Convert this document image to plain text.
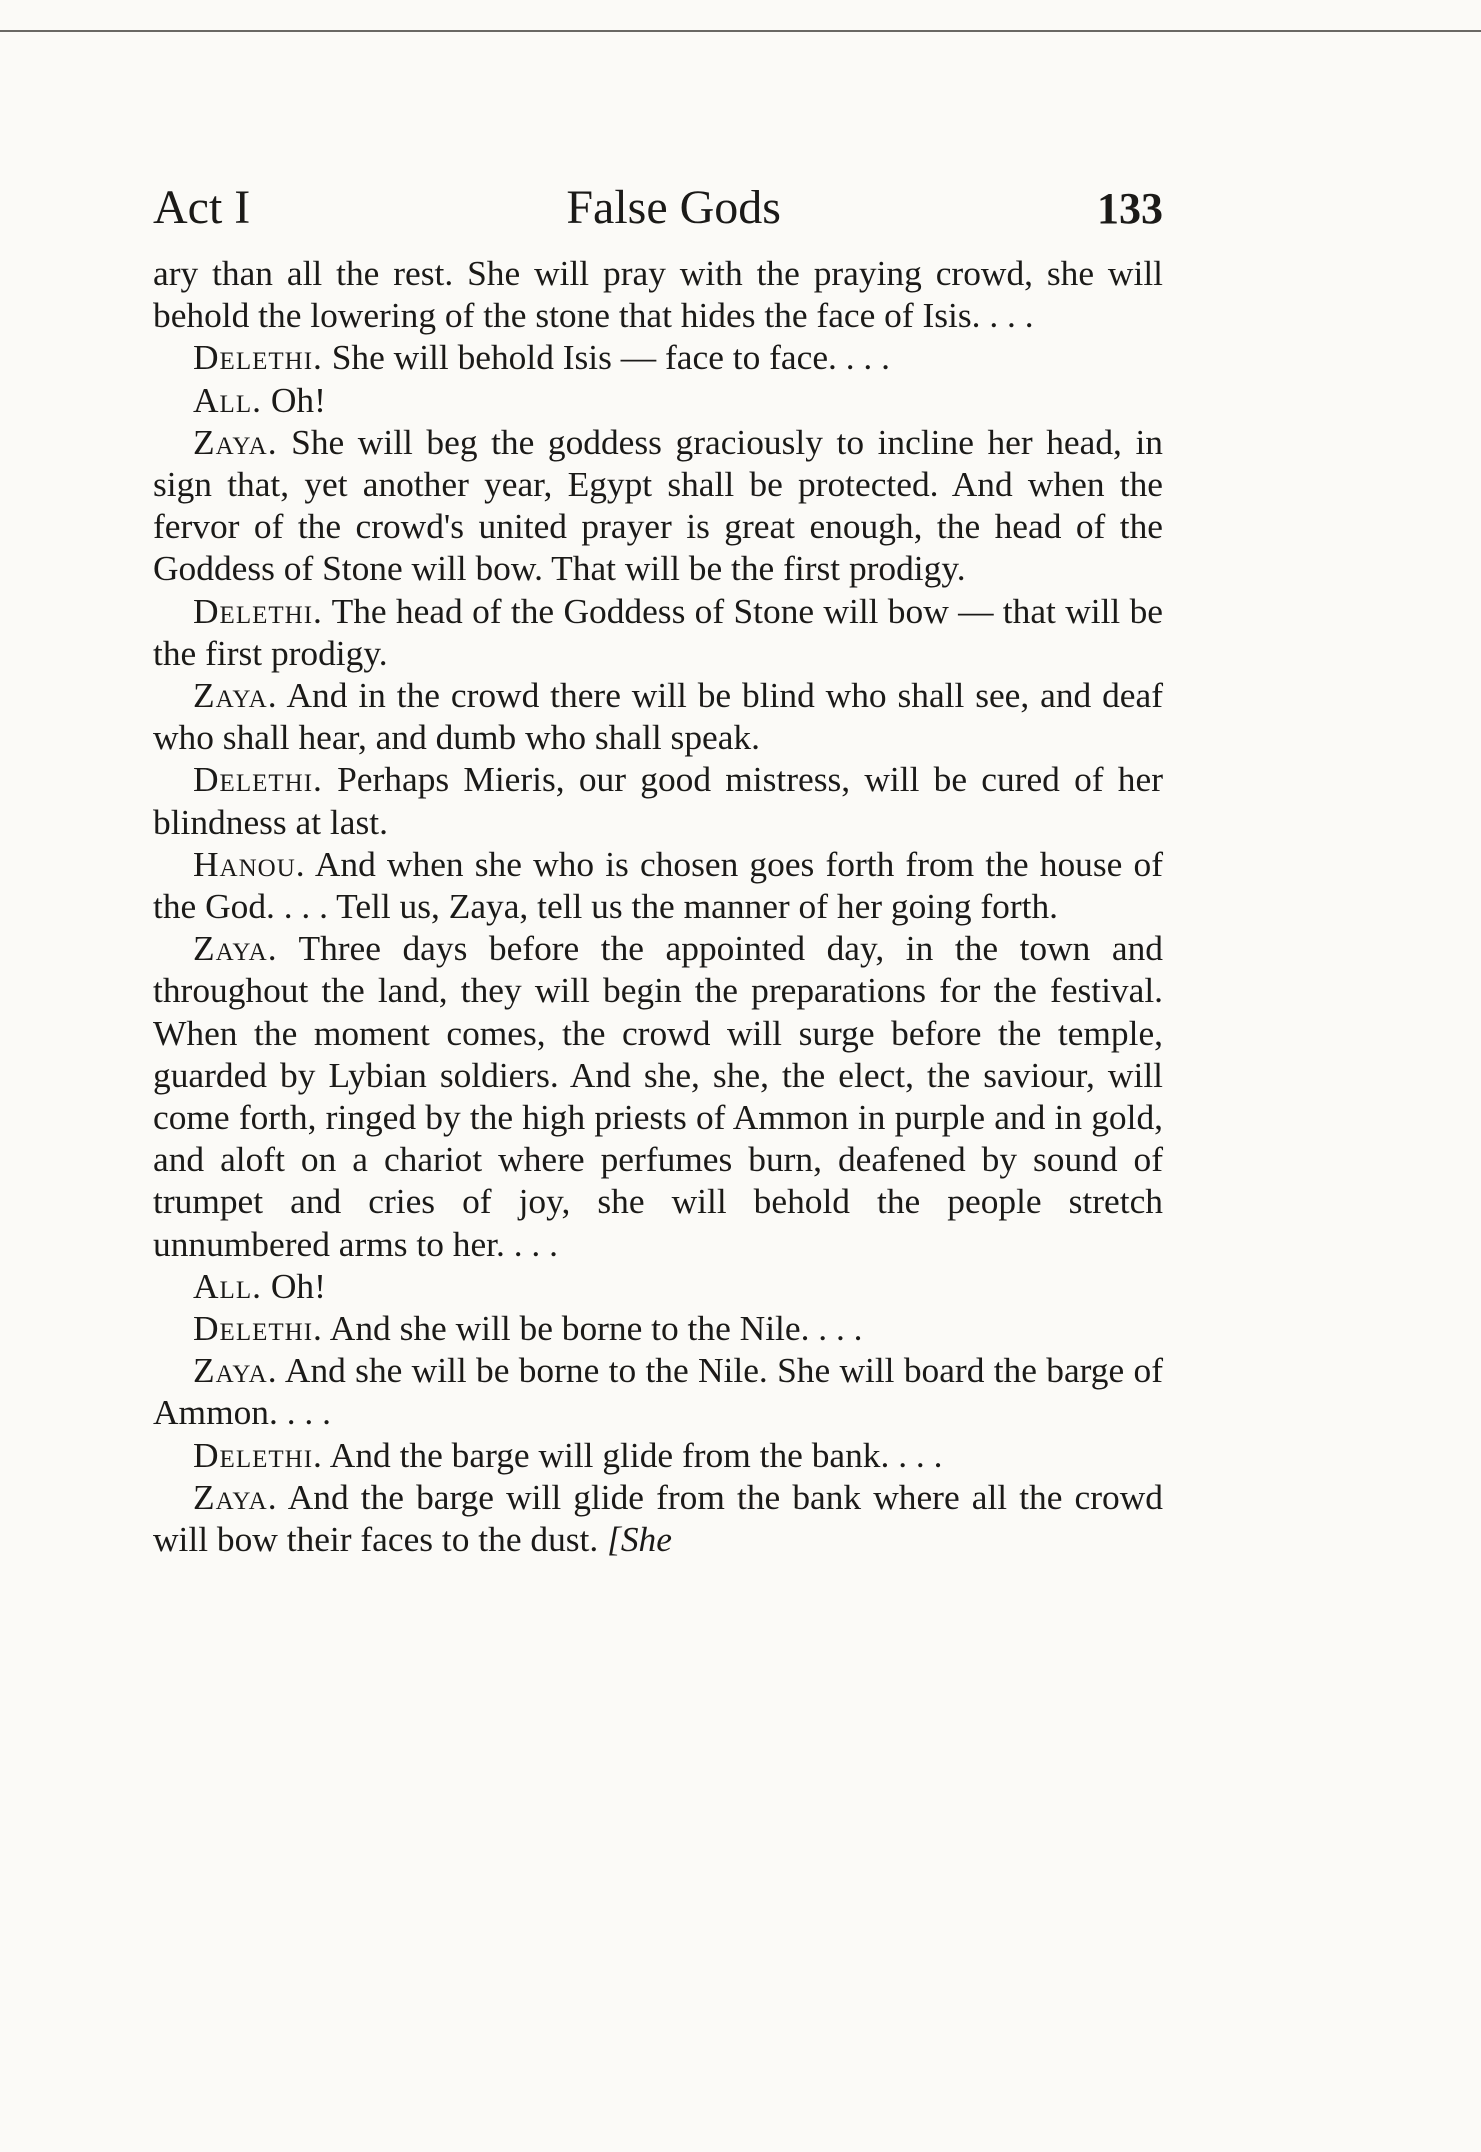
Act I	False Gods	133

ary than all the rest. She will pray with the praying crowd, she will behold the lowering of the stone that hides the face of Isis. . . .

Delethi. She will behold Isis — face to face. . . .

All. Oh!

Zaya. She will beg the goddess graciously to incline her head, in sign that, yet another year, Egypt shall be protected. And when the fervor of the crowd's united prayer is great enough, the head of the Goddess of Stone will bow. That will be the first prodigy.

Delethi. The head of the Goddess of Stone will bow — that will be the first prodigy.

Zaya. And in the crowd there will be blind who shall see, and deaf who shall hear, and dumb who shall speak.

Delethi. Perhaps Mieris, our good mistress, will be cured of her blindness at last.

Hanou. And when she who is chosen goes forth from the house of the God. . . . Tell us, Zaya, tell us the manner of her going forth.

Zaya. Three days before the appointed day, in the town and throughout the land, they will begin the preparations for the festival. When the moment comes, the crowd will surge before the temple, guarded by Lybian soldiers. And she, she, the elect, the saviour, will come forth, ringed by the high priests of Ammon in purple and in gold, and aloft on a chariot where perfumes burn, deafened by sound of trumpet and cries of joy, she will behold the people stretch unnumbered arms to her. . . .

All. Oh!

Delethi. And she will be borne to the Nile. . . .

Zaya. And she will be borne to the Nile. She will board the barge of Ammon. . . .

Delethi. And the barge will glide from the bank. . . .

Zaya. And the barge will glide from the bank where all the crowd will bow their faces to the dust. [She
